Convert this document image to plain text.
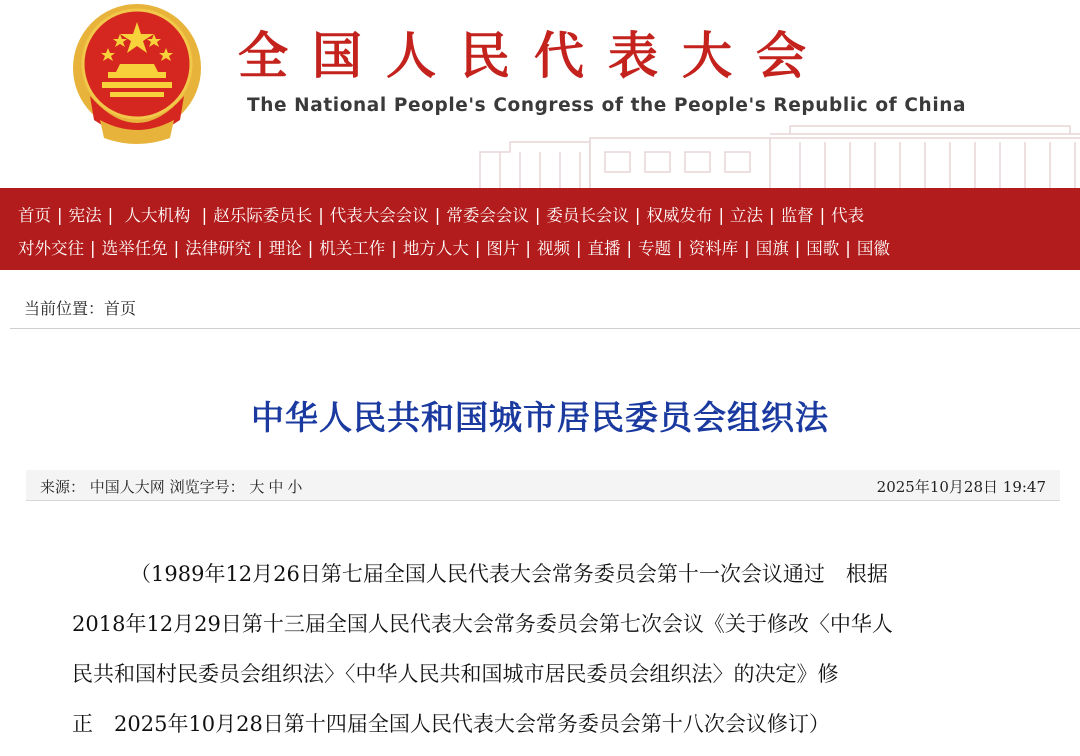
全国人民代表大会
The National People's Congress of the People's Republic of China
首页 | 宪法 | 人大机构 | 赵乐际委员长 | 代表大会会议 | 常委会会议 | 委员长会议 | 权威发布 | 立法 | 监督 | 代表
对外交往 | 选举任免 | 法律研究 | 理论 | 机关工作 | 地方人大 | 图片 | 视频 | 直播 | 专题 | 资料库 | 国旗 | 国歌 | 国徽
当前位置：首页
中华人民共和国城市居民委员会组织法
来源： 中国人大网 浏览字号： 大 中 小	2025年10月28日 19:47
（1989年12月26日第七届全国人民代表大会常务委员会第十一次会议通过　根据
2018年12月29日第十三届全国人民代表大会常务委员会第七次会议《关于修改〈中华人
民共和国村民委员会组织法〉〈中华人民共和国城市居民委员会组织法〉的决定》修
正　2025年10月28日第十四届全国人民代表大会常务委员会第十八次会议修订）
